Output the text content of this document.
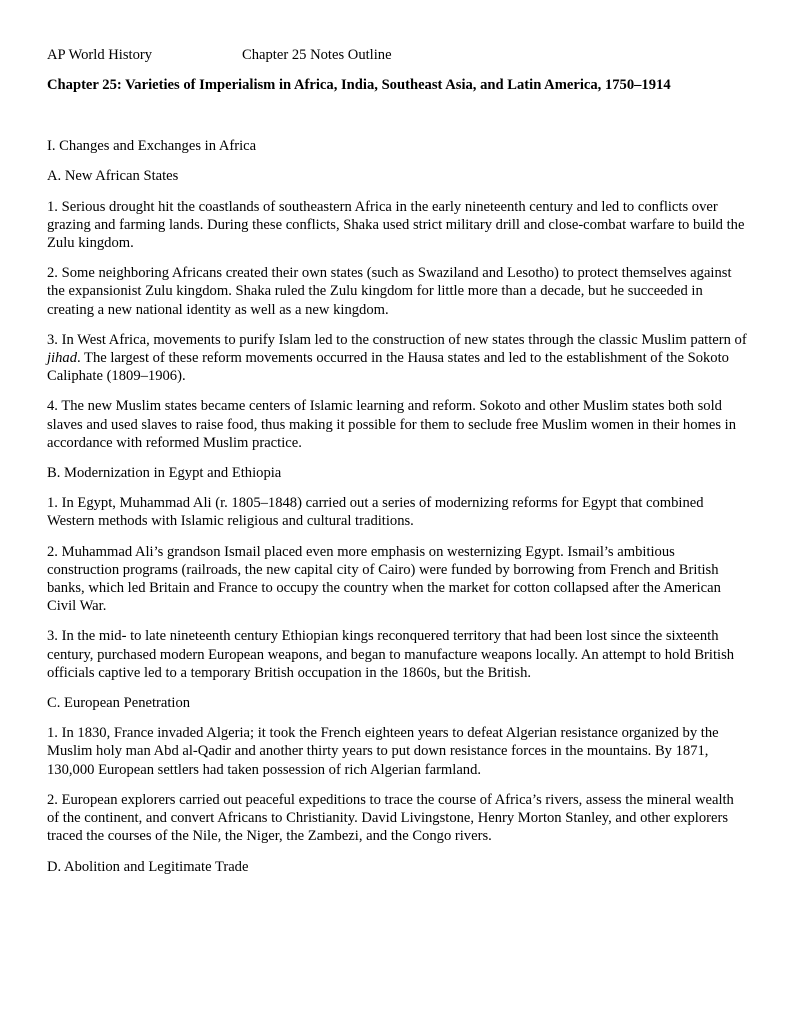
AP World History	Chapter 25 Notes Outline

Chapter 25: Varieties of Imperialism in Africa, India, Southeast Asia, and Latin America, 1750–1914

I. Changes and Exchanges in Africa

A. New African States

1. Serious drought hit the coastlands of southeastern Africa in the early nineteenth century and led to conflicts over grazing and farming lands. During these conflicts, Shaka used strict military drill and close-combat warfare to build the Zulu kingdom.

2. Some neighboring Africans created their own states (such as Swaziland and Lesotho) to protect themselves against the expansionist Zulu kingdom. Shaka ruled the Zulu kingdom for little more than a decade, but he succeeded in creating a new national identity as well as a new kingdom.

3. In West Africa, movements to purify Islam led to the construction of new states through the classic Muslim pattern of jihad. The largest of these reform movements occurred in the Hausa states and led to the establishment of the Sokoto Caliphate (1809–1906).

4. The new Muslim states became centers of Islamic learning and reform. Sokoto and other Muslim states both sold slaves and used slaves to raise food, thus making it possible for them to seclude free Muslim women in their homes in accordance with reformed Muslim practice.

B. Modernization in Egypt and Ethiopia

1. In Egypt, Muhammad Ali (r. 1805–1848) carried out a series of modernizing reforms for Egypt that combined Western methods with Islamic religious and cultural traditions.

2. Muhammad Ali’s grandson Ismail placed even more emphasis on westernizing Egypt. Ismail’s ambitious construction programs (railroads, the new capital city of Cairo) were funded by borrowing from French and British banks, which led Britain and France to occupy the country when the market for cotton collapsed after the American Civil War.

3. In the mid- to late nineteenth century Ethiopian kings reconquered territory that had been lost since the sixteenth century, purchased modern European weapons, and began to manufacture weapons locally. An attempt to hold British officials captive led to a temporary British occupation in the 1860s, but the British.

C. European Penetration

1. In 1830, France invaded Algeria; it took the French eighteen years to defeat Algerian resistance organized by the Muslim holy man Abd al-Qadir and another thirty years to put down resistance forces in the mountains. By 1871, 130,000 European settlers had taken possession of rich Algerian farmland.

2. European explorers carried out peaceful expeditions to trace the course of Africa’s rivers, assess the mineral wealth of the continent, and convert Africans to Christianity. David Livingstone, Henry Morton Stanley, and other explorers traced the courses of the Nile, the Niger, the Zambezi, and the Congo rivers.

D. Abolition and Legitimate Trade
